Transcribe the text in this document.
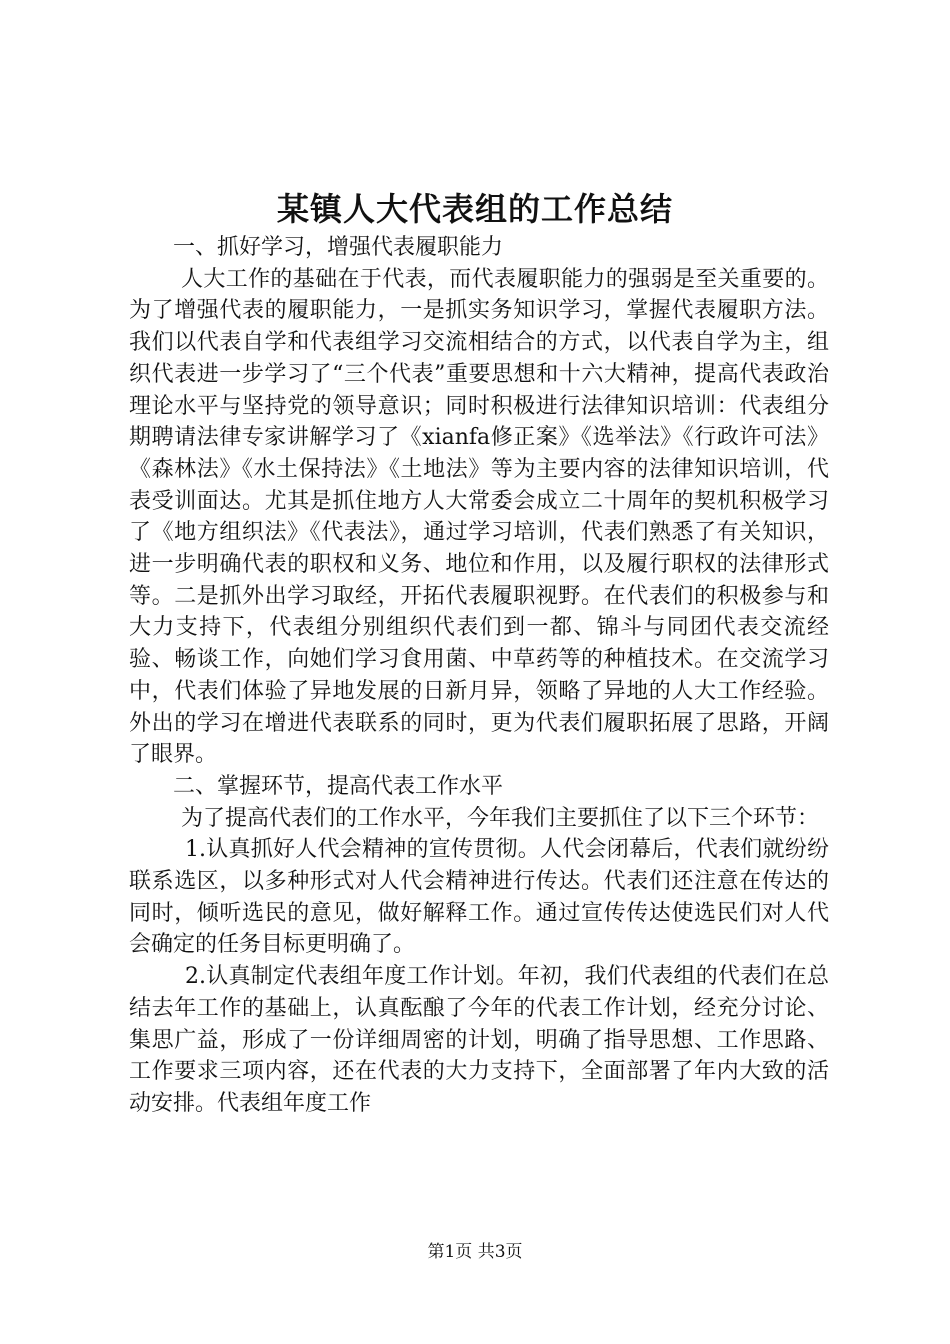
某镇人大代表组的工作总结

一、抓好学习，增强代表履职能力

人大工作的基础在于代表，而代表履职能力的强弱是至关重要的。为了增强代表的履职能力，一是抓实务知识学习，掌握代表履职方法。我们以代表自学和代表组学习交流相结合的方式，以代表自学为主，组织代表进一步学习了“三个代表”重要思想和十六大精神，提高代表政治理论水平与坚持党的领导意识；同时积极进行法律知识培训：代表组分期聘请法律专家讲解学习了《xianfa修正案》《选举法》《行政许可法》《森林法》《水土保持法》《土地法》等为主要内容的法律知识培训，代表受训面达。尤其是抓住地方人大常委会成立二十周年的契机积极学习了《地方组织法》《代表法》，通过学习培训，代表们熟悉了有关知识，进一步明确代表的职权和义务、地位和作用，以及履行职权的法律形式等。二是抓外出学习取经，开拓代表履职视野。在代表们的积极参与和大力支持下，代表组分别组织代表们到一都、锦斗与同团代表交流经验、畅谈工作，向她们学习食用菌、中草药等的种植技术。在交流学习中，代表们体验了异地发展的日新月异，领略了异地的人大工作经验。外出的学习在增进代表联系的同时，更为代表们履职拓展了思路，开阔了眼界。

二、掌握环节，提高代表工作水平

为了提高代表们的工作水平，今年我们主要抓住了以下三个环节：

1.认真抓好人代会精神的宣传贯彻。人代会闭幕后，代表们就纷纷联系选区，以多种形式对人代会精神进行传达。代表们还注意在传达的同时，倾听选民的意见，做好解释工作。通过宣传传达使选民们对人代会确定的任务目标更明确了。

2.认真制定代表组年度工作计划。年初，我们代表组的代表们在总结去年工作的基础上，认真酝酿了今年的代表工作计划，经充分讨论、集思广益，形成了一份详细周密的计划，明确了指导思想、工作思路、工作要求三项内容，还在代表的大力支持下，全面部署了年内大致的活动安排。代表组年度工作

第1页 共3页
